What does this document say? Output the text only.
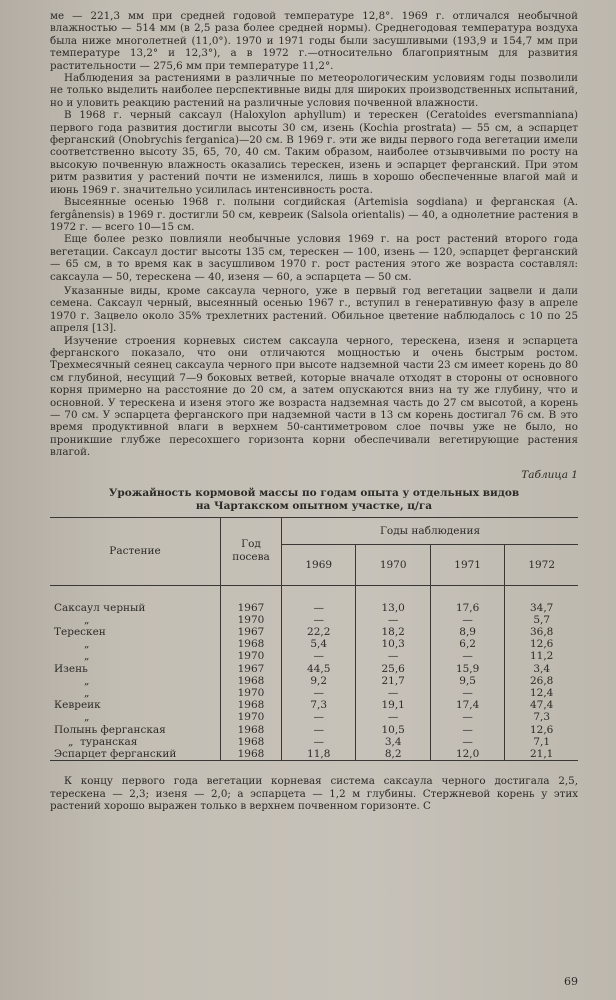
ме — 221,3 мм при средней годовой температуре 12,8°. 1969 г. отличался необычной влажностью — 514 мм (в 2,5 раза более средней нормы). Среднегодовая температура воздуха была ниже многолетней (11,0°). 1970 и 1971 годы были засушливыми (193,9 и 154,7 мм при температуре 13,2° и 12,3°), а в 1972 г.—относительно благоприятным для развития растительности — 275,6 мм при температуре 11,2°.

Наблюдения за растениями в различные по метеорологическим условиям годы позволили не только выделить наиболее перспективные виды для широких производственных испытаний, но и уловить реакцию растений на различные условия почвенной влажности.

В 1968 г. черный саксаул (Haloxylon aphyllum) и терескен (Ceratoides eversmanniana) первого года развития достигли высоты 30 см, изень (Kochia prostrata) — 55 см, а эспарцет ферганский (Onobrychis ferganica)—20 см. В 1969 г. эти же виды первого года вегетации имели соответственно высоту 35, 65, 70, 40 см. Таким образом, наиболее отзывчивыми по росту на высокую почвенную влажность оказались терескен, изень и эспарцет ферганский. При этом ритм развития у растений почти не изменился, лишь в хорошо обеспеченные влагой май и июнь 1969 г. значительно усилилась интенсивность роста.

Высеянные осенью 1968 г. полыни согдийская (Artemisia sogdiana) и ферганская (A. fergânensis) в 1969 г. достигли 50 см, кевреик (Salsola orientalis) — 40, а однолетние растения в 1972 г. — всего 10—15 см.

Еще более резко повлияли необычные условия 1969 г. на рост растений второго года вегетации. Саксаул достиг высоты 135 см, терескен — 100, изень — 120, эспарцет ферганский — 65 см, в то время как в засушливом 1970 г. рост растения этого же возраста составлял: саксаула — 50, терескена — 40, изеня — 60, а эспарцета — 50 см.

Указанные виды, кроме саксаула черного, уже в первый год вегетации зацвели и дали семена. Саксаул черный, высеянный осенью 1967 г., вступил в генеративную фазу в апреле 1970 г. Зацвело около 35% трехлетних растений. Обильное цветение наблюдалось с 10 по 25 апреля [13].

Изучение строения корневых систем саксаула черного, терескена, изеня и эспарцета ферганского показало, что они отличаются мощностью и очень быстрым ростом. Трехмесячный сеянец саксаула черного при высоте надземной части 23 см имеет корень до 80 см глубиной, несущий 7—9 боковых ветвей, которые вначале отходят в стороны от основного корня примерно на расстояние до 20 см, а затем опускаются вниз на ту же глубину, что и основной. У терескена и изеня этого же возраста надземная часть до 27 см высотой, а корень — 70 см. У эспарцета ферганского при надземной части в 13 см корень достигал 76 см. В это время продуктивной влаги в верхнем 50-сантиметровом слое почвы уже не было, но проникшие глубже пересохшего горизонта корни обеспечивали вегетирующие растения влагой.

Таблица 1
Урожайность кормовой массы по годам опыта у отдельных видов
на Чартакском опытном участке, ц/га

Растение	Год
посева	Годы наблюдения			
		1969	1970	1971	1972

Саксаул черный	1967	—	13,0	17,6	34,7
„	1970	—	—	—	5,7
Терескен	1967	22,2	18,2	8,9	36,8
„	1968	5,4	10,3	6,2	12,6
„	1970	—	—	—	11,2
Изень	1967	44,5	25,6	15,9	3,4
„	1968	9,2	21,7	9,5	26,8
„	1970	—	—	—	12,4
Кевреик	1968	7,3	19,1	17,4	47,4
„	1970	—	—	—	7,3
Полынь ферганская	1968	—	10,5	—	12,6
„  туранская	1968	—	3,4	—	7,1
Эспарцет ферганский	1968	11,8	8,2	12,0	21,1

К концу первого года вегетации корневая система саксаула черного достигала 2,5, терескена — 2,3; изеня — 2,0; а эспарцета — 1,2 м глубины. Стержневой корень у этих растений хорошо выражен только в верхнем почвенном горизонте. С

69
